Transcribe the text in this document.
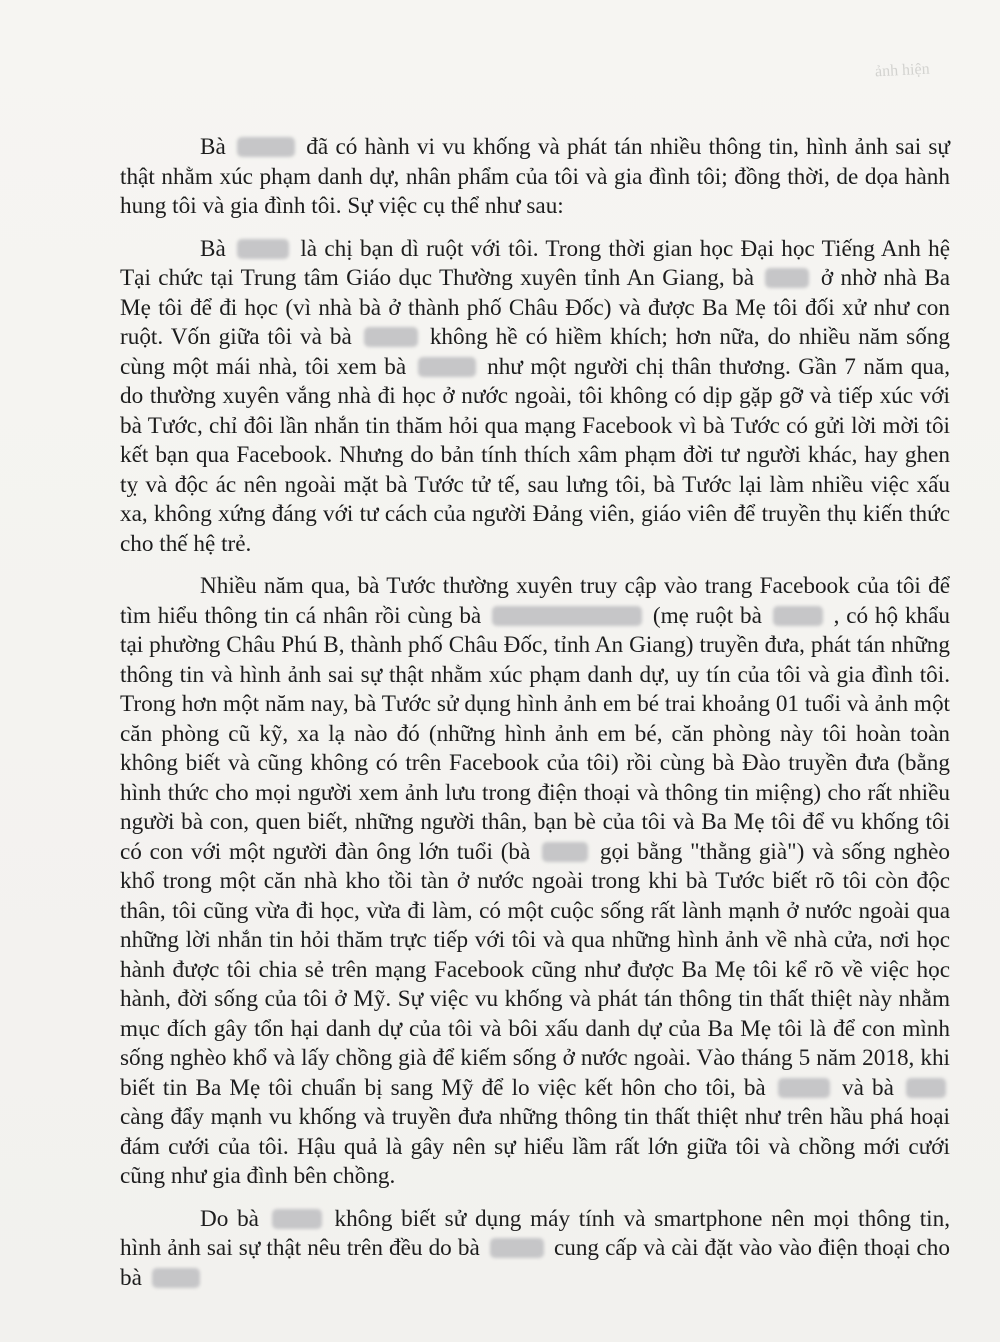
ảnh hiện

Bà	đã có hành vi vu khống và phát tán nhiều thông tin, hình ảnh sai sự thật nhằm xúc phạm danh dự, nhân phẩm của tôi và gia đình tôi; đồng thời, de dọa hành hung tôi và gia đình tôi. Sự việc cụ thể như sau:

Bà	là chị bạn dì ruột với tôi. Trong thời gian học Đại học Tiếng Anh hệ Tại chức tại Trung tâm Giáo dục Thường xuyên tỉnh An Giang, bà	ở nhờ nhà Ba Mẹ tôi để đi học (vì nhà bà ở thành phố Châu Đốc) và được Ba Mẹ tôi đối xử như con ruột. Vốn giữa tôi và bà	không hề có hiềm khích; hơn nữa, do nhiều năm sống cùng một mái nhà, tôi xem bà	như một người chị thân thương. Gần 7 năm qua, do thường xuyên vắng nhà đi học ở nước ngoài, tôi không có dịp gặp gỡ và tiếp xúc với bà Tước, chỉ đôi lần nhắn tin thăm hỏi qua mạng Facebook vì bà Tước có gửi lời mời tôi kết bạn qua Facebook. Nhưng do bản tính thích xâm phạm đời tư người khác, hay ghen tỵ và độc ác nên ngoài mặt bà Tước tử tế, sau lưng tôi, bà Tước lại làm nhiều việc xấu xa, không xứng đáng với tư cách của người Đảng viên, giáo viên để truyền thụ kiến thức cho thế hệ trẻ.

Nhiều năm qua, bà Tước thường xuyên truy cập vào trang Facebook của tôi để tìm hiểu thông tin cá nhân rồi cùng bà	(mẹ ruột bà	, có hộ khẩu tại phường Châu Phú B, thành phố Châu Đốc, tỉnh An Giang) truyền đưa, phát tán những thông tin và hình ảnh sai sự thật nhằm xúc phạm danh dự, uy tín của tôi và gia đình tôi. Trong hơn một năm nay, bà Tước sử dụng hình ảnh em bé trai khoảng 01 tuổi và ảnh một căn phòng cũ kỹ, xa lạ nào đó (những hình ảnh em bé, căn phòng này tôi hoàn toàn không biết và cũng không có trên Facebook của tôi) rồi cùng bà Đào truyền đưa (bằng hình thức cho mọi người xem ảnh lưu trong điện thoại và thông tin miệng) cho rất nhiều người bà con, quen biết, những người thân, bạn bè của tôi và Ba Mẹ tôi để vu khống tôi có con với một người đàn ông lớn tuổi (bà	gọi bằng "thằng già") và sống nghèo khổ trong một căn nhà kho tồi tàn ở nước ngoài trong khi bà Tước biết rõ tôi còn độc thân, tôi cũng vừa đi học, vừa đi làm, có một cuộc sống rất lành mạnh ở nước ngoài qua những lời nhắn tin hỏi thăm trực tiếp với tôi và qua những hình ảnh về nhà cửa, nơi học hành được tôi chia sẻ trên mạng Facebook cũng như được Ba Mẹ tôi kể rõ về việc học hành, đời sống của tôi ở Mỹ. Sự việc vu khống và phát tán thông tin thất thiệt này nhằm mục đích gây tổn hại danh dự của tôi và bôi xấu danh dự của Ba Mẹ tôi là để con mình sống nghèo khổ và lấy chồng già để kiếm sống ở nước ngoài. Vào tháng 5 năm 2018, khi biết tin Ba Mẹ tôi chuẩn bị sang Mỹ để lo việc kết hôn cho tôi, bà	và bà  càng đẩy mạnh vu khống và truyền đưa những thông tin thất thiệt như trên hầu phá hoại đám cưới của tôi. Hậu quả là gây nên sự hiểu lầm rất lớn giữa tôi và chồng mới cưới cũng như gia đình bên chồng.

Do bà	không biết sử dụng máy tính và smartphone nên mọi thông tin, hình ảnh sai sự thật nêu trên đều do bà	cung cấp và cài đặt vào vào điện thoại cho bà
